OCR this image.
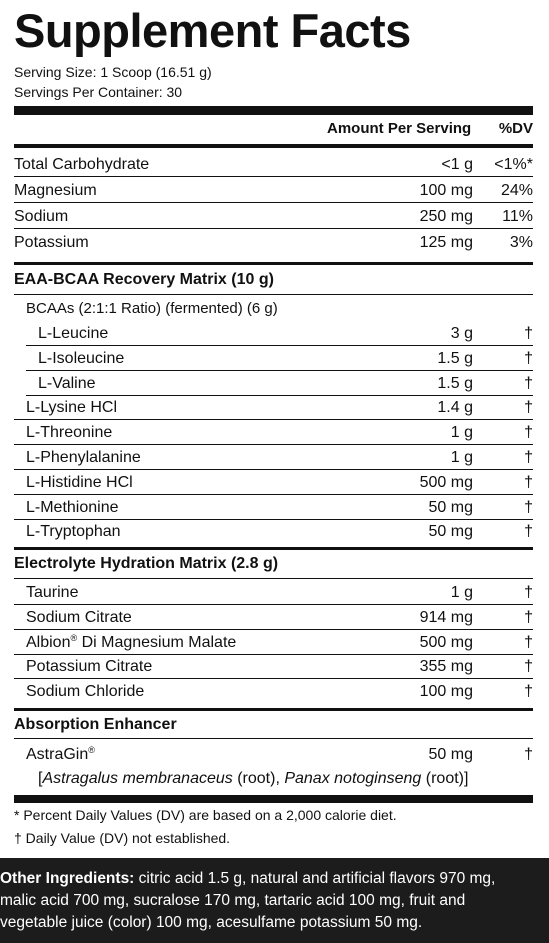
Supplement Facts
Serving Size: 1 Scoop (16.51 g)
Servings Per Container: 30
Amount Per Serving %DV
Total Carbohydrate	<1 g <1%*
Magnesium	100 mg 24%
Sodium	250 mg 11%
Potassium	125 mg 3%
EAA-BCAA Recovery Matrix (10 g)
BCAAs (2:1:1 Ratio) (fermented) (6 g)
L-Leucine	3 g	†
L-Isoleucine	1.5 g	†
L-Valine	1.5 g	†
L-Lysine HCl	1.4 g	†
L-Threonine	1 g	†
L-Phenylalanine	1 g	†
L-Histidine HCl	500 mg	†
L-Methionine	50 mg	†
L-Tryptophan	50 mg	†
Electrolyte Hydration Matrix (2.8 g)
Taurine	1 g	†
Sodium Citrate	914 mg	†
Albion® Di Magnesium Malate	500 mg	†
Potassium Citrate	355 mg	†
Sodium Chloride	100 mg	†
Absorption Enhancer
AstraGin®	50 mg	†
[Astragalus membranaceus (root), Panax notoginseng (root)]
* Percent Daily Values (DV) are based on a 2,000 calorie diet.
† Daily Value (DV) not established.

Other Ingredients: citric acid 1.5 g, natural and artificial flavors 970 mg,
malic acid 700 mg, sucralose 170 mg, tartaric acid 100 mg, fruit and
vegetable juice (color) 100 mg, acesulfame potassium 50 mg.
